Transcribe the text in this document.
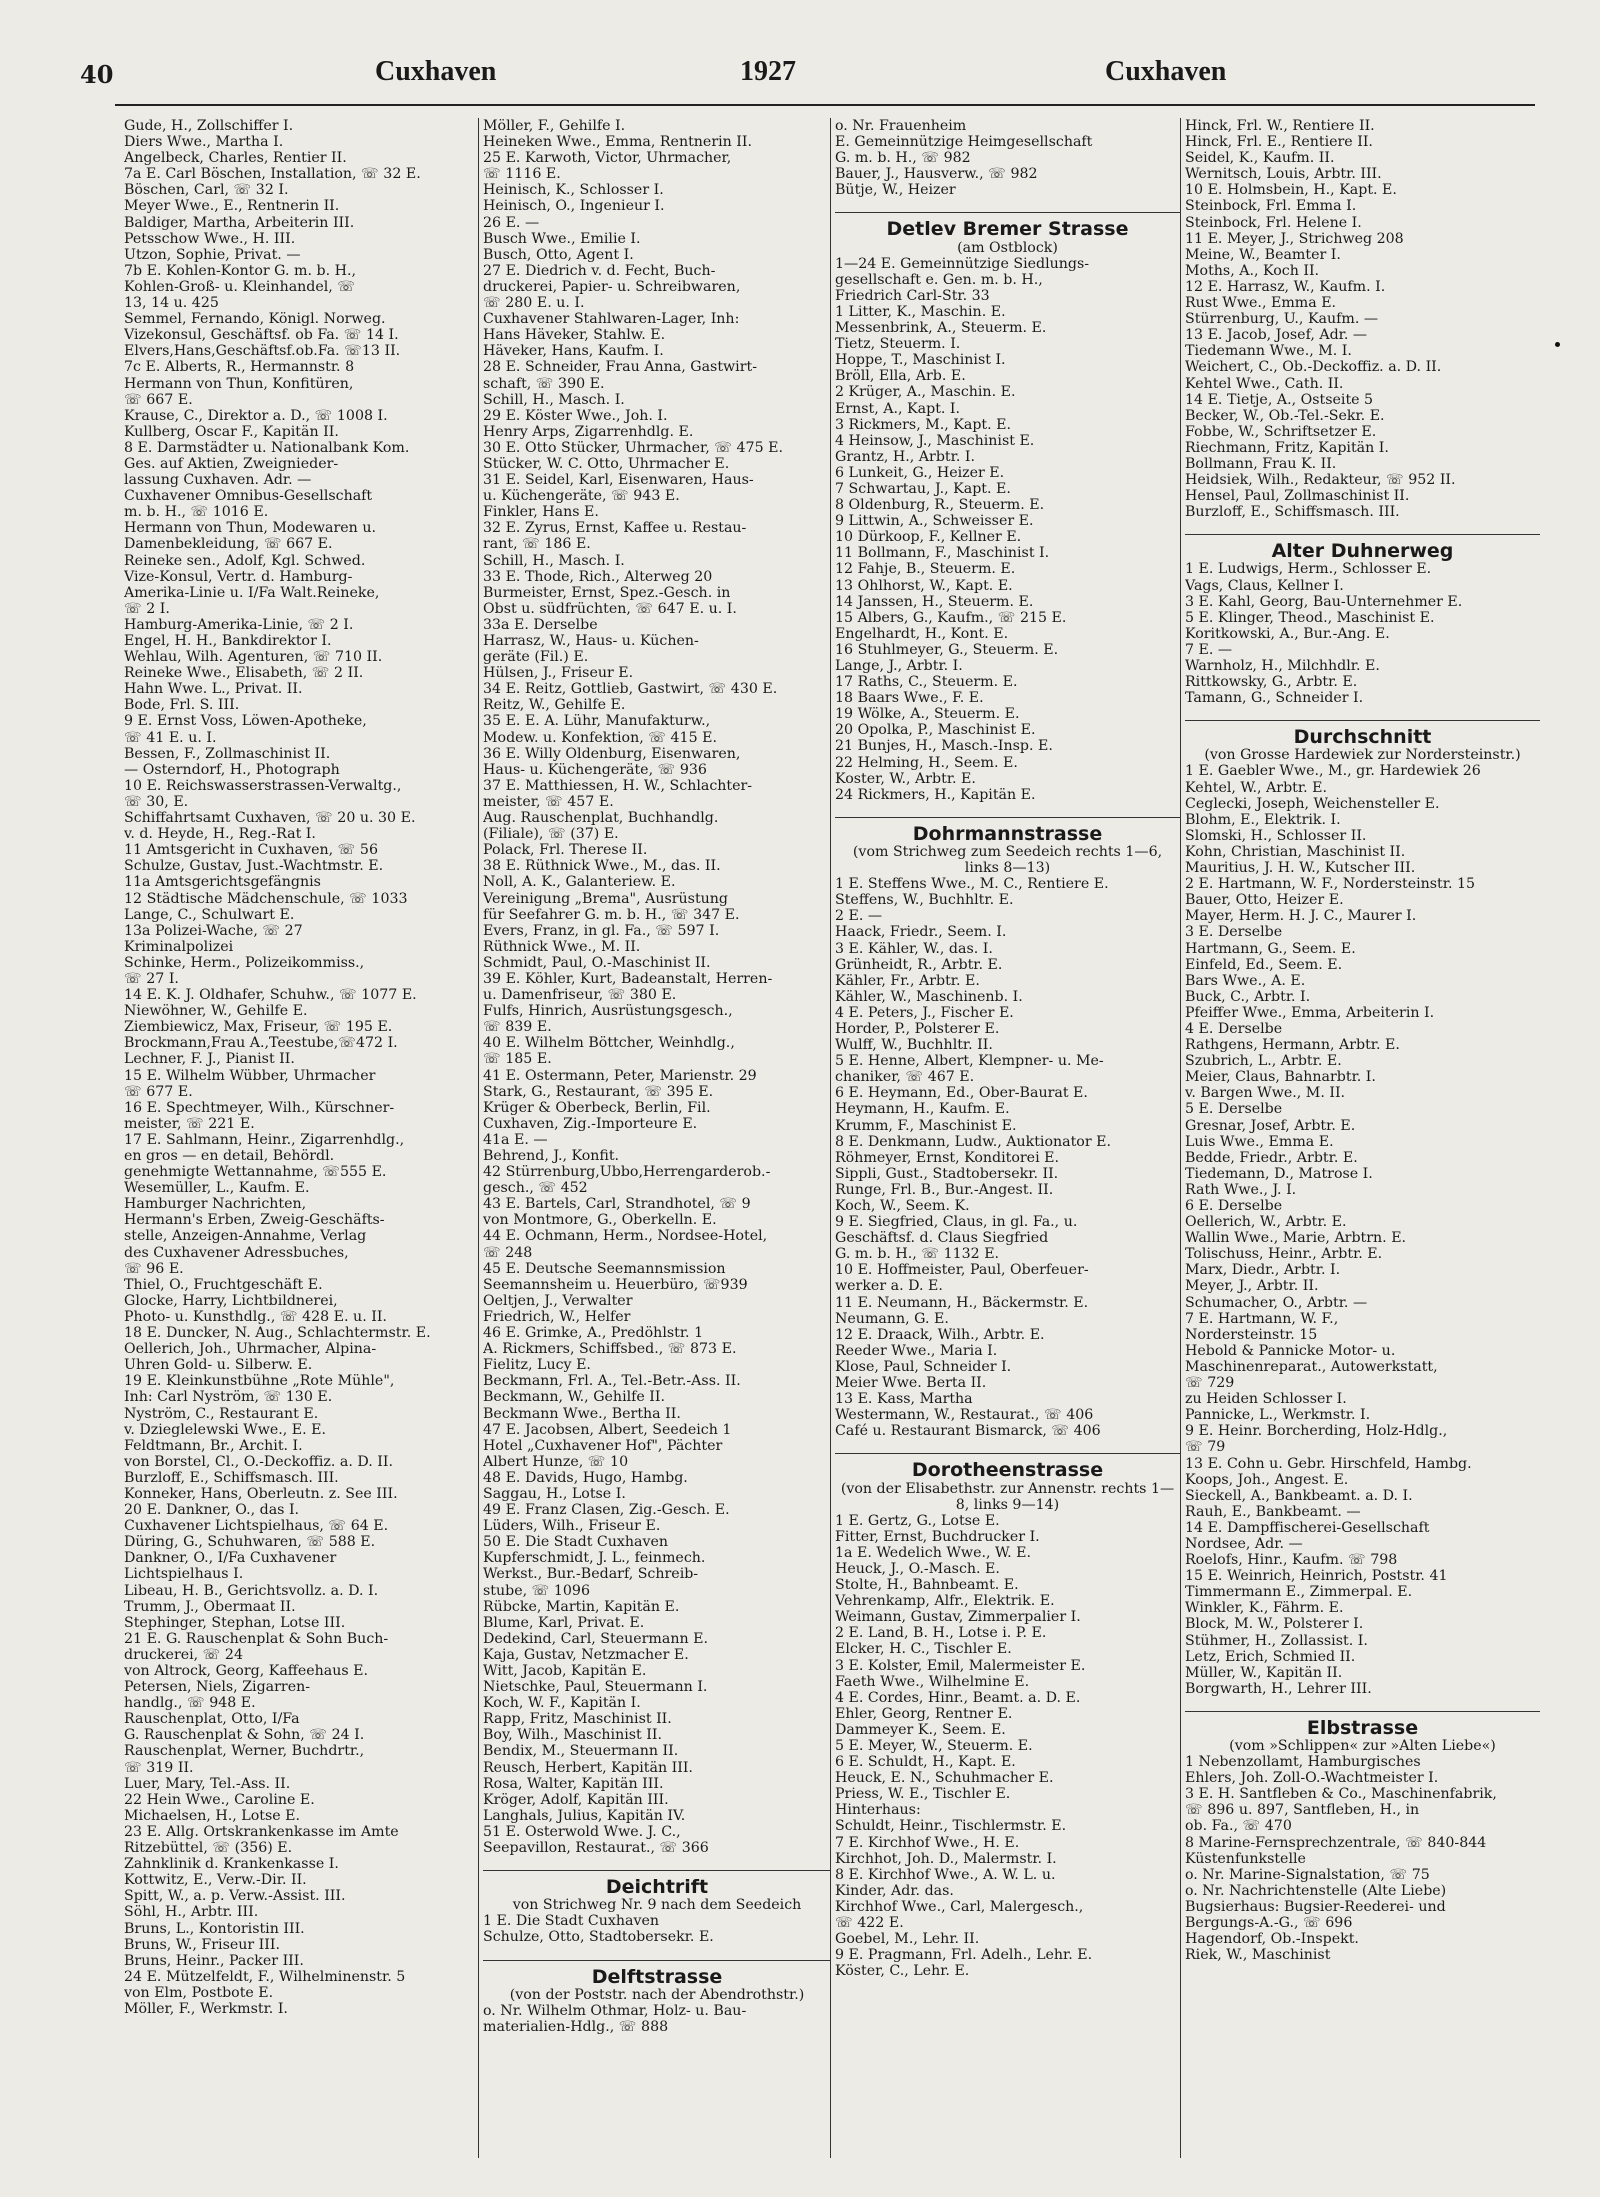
40	Cuxhaven	1927	Cuxhaven
Gude, H., Zollschiffer I.
Diers Wwe., Martha I.
Angelbeck, Charles, Rentier II.
7a E. Carl Böschen, Installation, ☏ 32 E.
Böschen, Carl, ☏ 32 I.
Meyer Wwe., E., Rentnerin II.
Baldiger, Martha, Arbeiterin III.
Petsschow Wwe., H. III.
Utzon, Sophie, Privat. —
7b E. Kohlen-Kontor G. m. b. H.,
Kohlen-Groß- u. Kleinhandel, ☏
13, 14 u. 425
Semmel, Fernando, Königl. Norweg.
Vizekonsul, Geschäftsf. ob Fa. ☏ 14 I.
Elvers,Hans,Geschäftsf.ob.Fa. ☏13 II.
7c E. Alberts, R., Hermannstr. 8
Hermann von Thun, Konfitüren,
☏ 667 E.
Krause, C., Direktor a. D., ☏ 1008 I.
Kullberg, Oscar F., Kapitän II.
8 E. Darmstädter u. Nationalbank Kom.
Ges. auf Aktien, Zweignieder-
lassung Cuxhaven. Adr. —
Cuxhavener Omnibus-Gesellschaft
m. b. H., ☏ 1016 E.
Hermann von Thun, Modewaren u.
Damenbekleidung, ☏ 667 E.
Reineke sen., Adolf, Kgl. Schwed.
Vize-Konsul, Vertr. d. Hamburg-
Amerika-Linie u. I/Fa Walt.Reineke,
☏ 2 I.
Hamburg-Amerika-Linie, ☏ 2 I.
Engel, H. H., Bankdirektor I.
Wehlau, Wilh. Agenturen, ☏ 710 II.
Reineke Wwe., Elisabeth, ☏ 2 II.
Hahn Wwe. L., Privat. II.
Bode, Frl. S. III.
9 E. Ernst Voss, Löwen-Apotheke,
☏ 41 E. u. I.
Bessen, F., Zollmaschinist II.
— Osterndorf, H., Photograph
10 E. Reichswasserstrassen-Verwaltg.,
☏ 30, E.
Schiffahrtsamt Cuxhaven, ☏ 20 u. 30 E.
v. d. Heyde, H., Reg.-Rat I.
11 Amtsgericht in Cuxhaven, ☏ 56
Schulze, Gustav, Just.-Wachtmstr. E.
11a Amtsgerichtsgefängnis
12 Städtische Mädchenschule, ☏ 1033
Lange, C., Schulwart E.
13a Polizei-Wache, ☏ 27
Kriminalpolizei
Schinke, Herm., Polizeikommiss.,
☏ 27 I.
14 E. K. J. Oldhafer, Schuhw., ☏ 1077 E.
Niewöhner, W., Gehilfe E.
Ziembiewicz, Max, Friseur, ☏ 195 E.
Brockmann,Frau A.,Teestube,☏472 I.
Lechner, F. J., Pianist II.
15 E. Wilhelm Wübber, Uhrmacher
☏ 677 E.
16 E. Spechtmeyer, Wilh., Kürschner-
meister, ☏ 221 E.
17 E. Sahlmann, Heinr., Zigarrenhdlg.,
en gros — en detail, Behördl.
genehmigte Wettannahme, ☏555 E.
Wesemüller, L., Kaufm. E.
Hamburger Nachrichten,
Hermann's Erben, Zweig-Geschäfts-
stelle, Anzeigen-Annahme, Verlag
des Cuxhavener Adressbuches,
☏ 96 E.
Thiel, O., Fruchtgeschäft E.
Glocke, Harry, Lichtbildnerei,
Photo- u. Kunsthdlg., ☏ 428 E. u. II.
18 E. Duncker, N. Aug., Schlachtermstr. E.
Oellerich, Joh., Uhrmacher, Alpina-
Uhren Gold- u. Silberw. E.
19 E. Kleinkunstbühne „Rote Mühle",
Inh: Carl Nyström, ☏ 130 E.
Nyström, C., Restaurant E.
v. Dzieglelewski Wwe., E. E.
Feldtmann, Br., Archit. I.
von Borstel, Cl., O.-Deckoffiz. a. D. II.
Burzloff, E., Schiffsmasch. III.
Konneker, Hans, Oberleutn. z. See III.
20 E. Dankner, O., das I.
Cuxhavener Lichtspielhaus, ☏ 64 E.
Düring, G., Schuhwaren, ☏ 588 E.
Dankner, O., I/Fa Cuxhavener
Lichtspielhaus I.
Libeau, H. B., Gerichtsvollz. a. D. I.
Trumm, J., Obermaat II.
Stephinger, Stephan, Lotse III.
21 E. G. Rauschenplat & Sohn Buch-
druckerei, ☏ 24
von Altrock, Georg, Kaffeehaus E.
Petersen, Niels, Zigarren-
handlg., ☏ 948 E.
Rauschenplat, Otto, I/Fa
G. Rauschenplat & Sohn, ☏ 24 I.
Rauschenplat, Werner, Buchdrtr.,
☏ 319 II.
Luer, Mary, Tel.-Ass. II.
22 Hein Wwe., Caroline E.
Michaelsen, H., Lotse E.
23 E. Allg. Ortskrankenkasse im Amte
Ritzebüttel, ☏ (356) E.
Zahnklinik d. Krankenkasse I.
Kottwitz, E., Verw.-Dir. II.
Spitt, W., a. p. Verw.-Assist. III.
Söhl, H., Arbtr. III.
Bruns, L., Kontoristin III.
Bruns, W., Friseur III.
Bruns, Heinr., Packer III.
24 E. Mützelfeldt, F., Wilhelminenstr. 5
von Elm, Postbote E.
Möller, F., Werkmstr. I.
Möller, F., Gehilfe I.
Heineken Wwe., Emma, Rentnerin II.
25 E. Karwoth, Victor, Uhrmacher,
☏ 1116 E.
Heinisch, K., Schlosser I.
Heinisch, O., Ingenieur I.
26 E. —
Busch Wwe., Emilie I.
Busch, Otto, Agent I.
27 E. Diedrich v. d. Fecht, Buch-
druckerei, Papier- u. Schreibwaren,
☏ 280 E. u. I.
Cuxhavener Stahlwaren-Lager, Inh:
Hans Häveker, Stahlw. E.
Häveker, Hans, Kaufm. I.
28 E. Schneider, Frau Anna, Gastwirt-
schaft, ☏ 390 E.
Schill, H., Masch. I.
29 E. Köster Wwe., Joh. I.
Henry Arps, Zigarrenhdlg. E.
30 E. Otto Stücker, Uhrmacher, ☏ 475 E.
Stücker, W. C. Otto, Uhrmacher E.
31 E. Seidel, Karl, Eisenwaren, Haus-
u. Küchengeräte, ☏ 943 E.
Finkler, Hans E.
32 E. Zyrus, Ernst, Kaffee u. Restau-
rant, ☏ 186 E.
Schill, H., Masch. I.
33 E. Thode, Rich., Alterweg 20
Burmeister, Ernst, Spez.-Gesch. in
Obst u. südfrüchten, ☏ 647 E. u. I.
33a E. Derselbe
Harrasz, W., Haus- u. Küchen-
geräte (Fil.) E.
Hülsen, J., Friseur E.
34 E. Reitz, Gottlieb, Gastwirt, ☏ 430 E.
Reitz, W., Gehilfe E.
35 E. E. A. Lühr, Manufakturw.,
Modew. u. Konfektion, ☏ 415 E.
36 E. Willy Oldenburg, Eisenwaren,
Haus- u. Küchengeräte, ☏ 936
37 E. Matthiessen, H. W., Schlachter-
meister, ☏ 457 E.
Aug. Rauschenplat, Buchhandlg.
(Filiale), ☏ (37) E.
Polack, Frl. Therese II.
38 E. Rüthnick Wwe., M., das. II.
Noll, A. K., Galanteriew. E.
Vereinigung „Brema", Ausrüstung
für Seefahrer G. m. b. H., ☏ 347 E.
Evers, Franz, in gl. Fa., ☏ 597 I.
Rüthnick Wwe., M. II.
Schmidt, Paul, O.-Maschinist II.
39 E. Köhler, Kurt, Badeanstalt, Herren-
u. Damenfriseur, ☏ 380 E.
Fulfs, Hinrich, Ausrüstungsgesch.,
☏ 839 E.
40 E. Wilhelm Böttcher, Weinhdlg.,
☏ 185 E.
41 E. Ostermann, Peter, Marienstr. 29
Stark, G., Restaurant, ☏ 395 E.
Krüger & Oberbeck, Berlin, Fil.
Cuxhaven, Zig.-Importeure E.
41a E. —
Behrend, J., Konfit.
42 Stürrenburg,Ubbo,Herrengarderob.-
gesch., ☏ 452
43 E. Bartels, Carl, Strandhotel, ☏ 9
von Montmore, G., Oberkelln. E.
44 E. Ochmann, Herm., Nordsee-Hotel,
☏ 248
45 E. Deutsche Seemannsmission
Seemannsheim u. Heuerbüro, ☏939
Oeltjen, J., Verwalter
Friedrich, W., Helfer
46 E. Grimke, A., Predöhlstr. 1
A. Rickmers, Schiffsbed., ☏ 873 E.
Fielitz, Lucy E.
Beckmann, Frl. A., Tel.-Betr.-Ass. II.
Beckmann, W., Gehilfe II.
Beckmann Wwe., Bertha II.
47 E. Jacobsen, Albert, Seedeich 1
Hotel „Cuxhavener Hof", Pächter
Albert Hunze, ☏ 10
48 E. Davids, Hugo, Hambg.
Saggau, H., Lotse I.
49 E. Franz Clasen, Zig.-Gesch. E.
Lüders, Wilh., Friseur E.
50 E. Die Stadt Cuxhaven
Kupferschmidt, J. L., feinmech.
Werkst., Bur.-Bedarf, Schreib-
stube, ☏ 1096
Rübcke, Martin, Kapitän E.
Blume, Karl, Privat. E.
Dedekind, Carl, Steuermann E.
Kaja, Gustav, Netzmacher E.
Witt, Jacob, Kapitän E.
Nietschke, Paul, Steuermann I.
Koch, W. F., Kapitän I.
Rapp, Fritz, Maschinist II.
Boy, Wilh., Maschinist II.
Bendix, M., Steuermann II.
Reusch, Herbert, Kapitän III.
Rosa, Walter, Kapitän III.
Kröger, Adolf, Kapitän III.
Langhals, Julius, Kapitän IV.
51 E. Osterwold Wwe. J. C.,
Seepavillon, Restaurat., ☏ 366
Deichtrift
von Strichweg Nr. 9 nach dem Seedeich
1 E. Die Stadt Cuxhaven
Schulze, Otto, Stadtobersekr. E.
Delftstrasse
(von der Poststr. nach der Abendrothstr.)
o. Nr. Wilhelm Othmar, Holz- u. Bau-
materialien-Hdlg., ☏ 888
o. Nr. Frauenheim
E. Gemeinnützige Heimgesellschaft
G. m. b. H., ☏ 982
Bauer, J., Hausverw., ☏ 982
Bütje, W., Heizer
Detlev Bremer Strasse
(am Ostblock)
1—24 E. Gemeinnützige Siedlungs-
gesellschaft e. Gen. m. b. H.,
Friedrich Carl-Str. 33
1 Litter, K., Maschin. E.
Messenbrink, A., Steuerm. E.
Tietz, Steuerm. I.
Hoppe, T., Maschinist I.
Bröll, Ella, Arb. E.
2 Krüger, A., Maschin. E.
Ernst, A., Kapt. I.
3 Rickmers, M., Kapt. E.
4 Heinsow, J., Maschinist E.
Grantz, H., Arbtr. I.
6 Lunkeit, G., Heizer E.
7 Schwartau, J., Kapt. E.
8 Oldenburg, R., Steuerm. E.
9 Littwin, A., Schweisser E.
10 Dürkoop, F., Kellner E.
11 Bollmann, F., Maschinist I.
12 Fahje, B., Steuerm. E.
13 Ohlhorst, W., Kapt. E.
14 Janssen, H., Steuerm. E.
15 Albers, G., Kaufm., ☏ 215 E.
Engelhardt, H., Kont. E.
16 Stuhlmeyer, G., Steuerm. E.
Lange, J., Arbtr. I.
17 Raths, C., Steuerm. E.
18 Baars Wwe., F. E.
19 Wölke, A., Steuerm. E.
20 Opolka, P., Maschinist E.
21 Bunjes, H., Masch.-Insp. E.
22 Helming, H., Seem. E.
Koster, W., Arbtr. E.
24 Rickmers, H., Kapitän E.
Dohrmannstrasse
(vom Strichweg zum Seedeich rechts 1—6, links 8—13)
1 E. Steffens Wwe., M. C., Rentiere E.
Steffens, W., Buchhltr. E.
2 E. —
Haack, Friedr., Seem. I.
3 E. Kähler, W., das. I.
Grünheidt, R., Arbtr. E.
Kähler, Fr., Arbtr. E.
Kähler, W., Maschinenb. I.
4 E. Peters, J., Fischer E.
Horder, P., Polsterer E.
Wulff, W., Buchhltr. II.
5 E. Henne, Albert, Klempner- u. Me-
chaniker, ☏ 467 E.
6 E. Heymann, Ed., Ober-Baurat E.
Heymann, H., Kaufm. E.
Krumm, F., Maschinist E.
8 E. Denkmann, Ludw., Auktionator E.
Röhmeyer, Ernst, Konditorei E.
Sippli, Gust., Stadtobersekr. II.
Runge, Frl. B., Bur.-Angest. II.
Koch, W., Seem. K.
9 E. Siegfried, Claus, in gl. Fa., u.
Geschäftsf. d. Claus Siegfried
G. m. b. H., ☏ 1132 E.
10 E. Hoffmeister, Paul, Oberfeuer-
werker a. D. E.
11 E. Neumann, H., Bäckermstr. E.
Neumann, G. E.
12 E. Draack, Wilh., Arbtr. E.
Reeder Wwe., Maria I.
Klose, Paul, Schneider I.
Meier Wwe. Berta II.
13 E. Kass, Martha
Westermann, W., Restaurat., ☏ 406
Café u. Restaurant Bismarck, ☏ 406
Dorotheenstrasse
(von der Elisabethstr. zur Annenstr. rechts 1—8, links 9—14)
1 E. Gertz, G., Lotse E.
Fitter, Ernst, Buchdrucker I.
1a E. Wedelich Wwe., W. E.
Heuck, J., O.-Masch. E.
Stolte, H., Bahnbeamt. E.
Vehrenkamp, Alfr., Elektrik. E.
Weimann, Gustav, Zimmerpalier I.
2 E. Land, B. H., Lotse i. P. E.
Elcker, H. C., Tischler E.
3 E. Kolster, Emil, Malermeister E.
Faeth Wwe., Wilhelmine E.
4 E. Cordes, Hinr., Beamt. a. D. E.
Ehler, Georg, Rentner E.
Dammeyer K., Seem. E.
5 E. Meyer, W., Steuerm. E.
6 E. Schuldt, H., Kapt. E.
Heuck, E. N., Schuhmacher E.
Priess, W. E., Tischler E.
Hinterhaus:
Schuldt, Heinr., Tischlermstr. E.
7 E. Kirchhof Wwe., H. E.
Kirchhot, Joh. D., Malermstr. I.
8 E. Kirchhof Wwe., A. W. L. u.
Kinder, Adr. das.
Kirchhof Wwe., Carl, Malergesch.,
☏ 422 E.
Goebel, M., Lehr. II.
9 E. Pragmann, Frl. Adelh., Lehr. E.
Köster, C., Lehr. E.
Hinck, Frl. W., Rentiere II.
Hinck, Frl. E., Rentiere II.
Seidel, K., Kaufm. II.
Wernitsch, Louis, Arbtr. III.
10 E. Holmsbein, H., Kapt. E.
Steinbock, Frl. Emma I.
Steinbock, Frl. Helene I.
11 E. Meyer, J., Strichweg 208
Meine, W., Beamter I.
Moths, A., Koch II.
12 E. Harrasz, W., Kaufm. I.
Rust Wwe., Emma E.
Stürrenburg, U., Kaufm. —
13 E. Jacob, Josef, Adr. —
Tiedemann Wwe., M. I.
Weichert, C., Ob.-Deckoffiz. a. D. II.
Kehtel Wwe., Cath. II.
14 E. Tietje, A., Ostseite 5
Becker, W., Ob.-Tel.-Sekr. E.
Fobbe, W., Schriftsetzer E.
Riechmann, Fritz, Kapitän I.
Bollmann, Frau K. II.
Heidsiek, Wilh., Redakteur, ☏ 952 II.
Hensel, Paul, Zollmaschinist II.
Burzloff, E., Schiffsmasch. III.
Alter Duhnerweg
1 E. Ludwigs, Herm., Schlosser E.
Vags, Claus, Kellner I.
3 E. Kahl, Georg, Bau-Unternehmer E.
5 E. Klinger, Theod., Maschinist E.
Koritkowski, A., Bur.-Ang. E.
7 E. —
Warnholz, H., Milchhdlr. E.
Rittkowsky, G., Arbtr. E.
Tamann, G., Schneider I.
Durchschnitt
(von Grosse Hardewiek zur Nordersteinstr.)
1 E. Gaebler Wwe., M., gr. Hardewiek 26
Kehtel, W., Arbtr. E.
Ceglecki, Joseph, Weichensteller E.
Blohm, E., Elektrik. I.
Slomski, H., Schlosser II.
Kohn, Christian, Maschinist II.
Mauritius, J. H. W., Kutscher III.
2 E. Hartmann, W. F., Nordersteinstr. 15
Bauer, Otto, Heizer E.
Mayer, Herm. H. J. C., Maurer I.
3 E. Derselbe
Hartmann, G., Seem. E.
Einfeld, Ed., Seem. E.
Bars Wwe., A. E.
Buck, C., Arbtr. I.
Pfeiffer Wwe., Emma, Arbeiterin I.
4 E. Derselbe
Rathgens, Hermann, Arbtr. E.
Szubrich, L., Arbtr. E.
Meier, Claus, Bahnarbtr. I.
v. Bargen Wwe., M. II.
5 E. Derselbe
Gresnar, Josef, Arbtr. E.
Luis Wwe., Emma E.
Bedde, Friedr., Arbtr. E.
Tiedemann, D., Matrose I.
Rath Wwe., J. I.
6 E. Derselbe
Oellerich, W., Arbtr. E.
Wallin Wwe., Marie, Arbtrn. E.
Tolischuss, Heinr., Arbtr. E.
Marx, Diedr., Arbtr. I.
Meyer, J., Arbtr. II.
Schumacher, O., Arbtr. —
7 E. Hartmann, W. F.,
Nordersteinstr. 15
Hebold & Pannicke Motor- u.
Maschinenreparat., Autowerkstatt,
☏ 729
zu Heiden Schlosser I.
Pannicke, L., Werkmstr. I.
9 E. Heinr. Borcherding, Holz-Hdlg.,
☏ 79
13 E. Cohn u. Gebr. Hirschfeld, Hambg.
Koops, Joh., Angest. E.
Sieckell, A., Bankbeamt. a. D. I.
Rauh, E., Bankbeamt. —
14 E. Dampffischerei-Gesellschaft
Nordsee, Adr. —
Roelofs, Hinr., Kaufm. ☏ 798
15 E. Weinrich, Heinrich, Poststr. 41
Timmermann E., Zimmerpal. E.
Winkler, K., Fährm. E.
Block, M. W., Polsterer I.
Stühmer, H., Zollassist. I.
Letz, Erich, Schmied II.
Müller, W., Kapitän II.
Borgwarth, H., Lehrer III.
Elbstrasse
(vom »Schlippen« zur »Alten Liebe«)
1 Nebenzollamt, Hamburgisches
Ehlers, Joh. Zoll-O.-Wachtmeister I.
3 E. H. Santfleben & Co., Maschinenfabrik,
☏ 896 u. 897, Santfleben, H., in
ob. Fa., ☏ 470
8 Marine-Fernsprechzentrale, ☏ 840-844
Küstenfunkstelle
o. Nr. Marine-Signalstation, ☏ 75
o. Nr. Nachrichtenstelle (Alte Liebe)
Bugsierhaus: Bugsier-Reederei- und
Bergungs-A.-G., ☏ 696
Hagendorf, Ob.-Inspekt.
Riek, W., Maschinist
